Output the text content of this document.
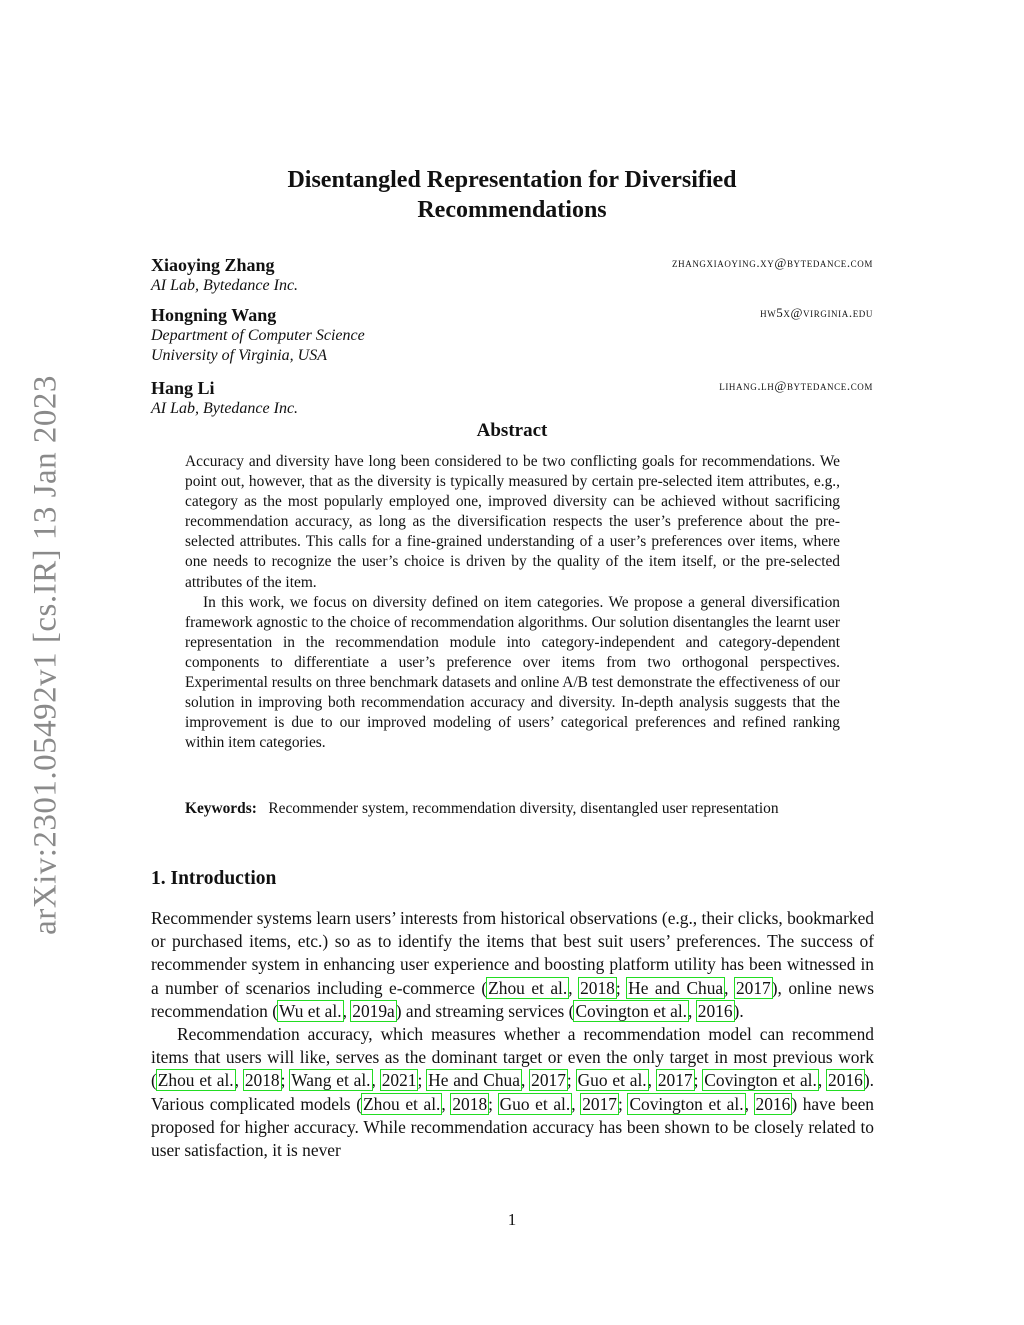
arXiv:2301.05492v1 [cs.IR] 13 Jan 2023
Disentangled Representation for Diversified
Recommendations
Xiaoying Zhang	zhangxiaoying.xy@bytedance.com
AI Lab, Bytedance Inc.
Hongning Wang	hw5x@virginia.edu
Department of Computer Science
University of Virginia, USA
Hang Li	lihang.lh@bytedance.com
AI Lab, Bytedance Inc.
Abstract

Accuracy and diversity have long been considered to be two conflicting goals for recommendations. We point out, however, that as the diversity is typically measured by certain pre-selected item attributes, e.g., category as the most popularly employed one, improved diversity can be achieved without sacrificing recommendation accuracy, as long as the diversification respects the user’s preference about the pre-selected attributes. This calls for a fine-grained understanding of a user’s preferences over items, where one needs to recognize the user’s choice is driven by the quality of the item itself, or the pre-selected attributes of the item.

In this work, we focus on diversity defined on item categories. We propose a general diversification framework agnostic to the choice of recommendation algorithms. Our solution disentangles the learnt user representation in the recommendation module into category-independent and category-dependent components to differentiate a user’s preference over items from two orthogonal perspectives. Experimental results on three benchmark datasets and online A/B test demonstrate the effectiveness of our solution in improving both recommendation accuracy and diversity. In-depth analysis suggests that the improvement is due to our improved modeling of users’ categorical preferences and refined ranking within item categories.

Keywords: Recommender system, recommendation diversity, disentangled user representation

1. Introduction

Recommender systems learn users’ interests from historical observations (e.g., their clicks, bookmarked or purchased items, etc.) so as to identify the items that best suit users’ preferences. The success of recommender system in enhancing user experience and boosting platform utility has been witnessed in a number of scenarios including e-commerce (Zhou et al., 2018; He and Chua, 2017), online news recommendation (Wu et al., 2019a) and streaming services (Covington et al., 2016).

Recommendation accuracy, which measures whether a recommendation model can recommend items that users will like, serves as the dominant target or even the only target in most previous work (Zhou et al., 2018; Wang et al., 2021; He and Chua, 2017; Guo et al., 2017; Covington et al., 2016). Various complicated models (Zhou et al., 2018; Guo et al., 2017; Covington et al., 2016) have been proposed for higher accuracy. While recommendation accuracy has been shown to be closely related to user satisfaction, it is never

1
